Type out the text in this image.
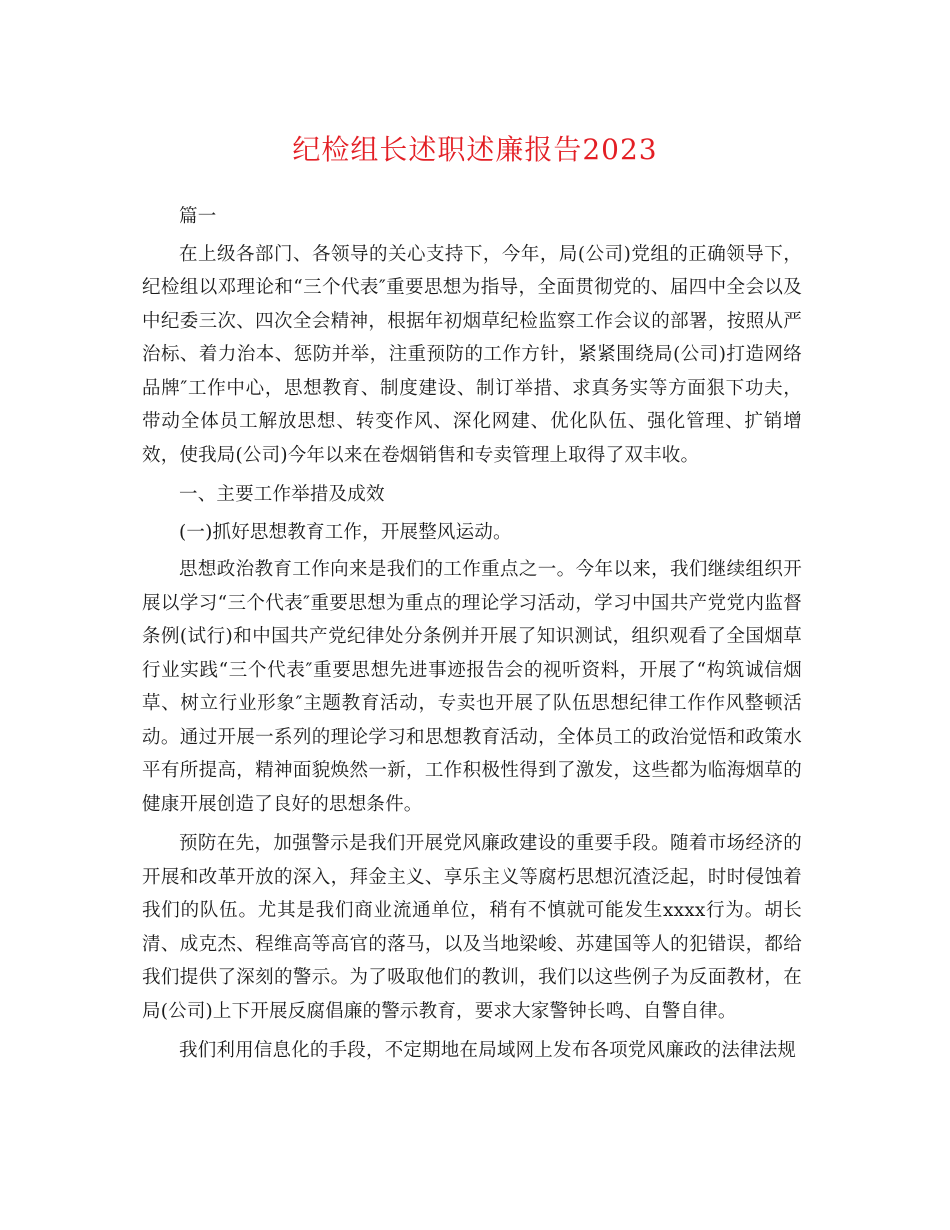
纪检组长述职述廉报告2023

篇一

在上级各部门、各领导的关心支持下，今年，局(公司)党组的正确领导下，纪检组以邓理论和“三个代表″重要思想为指导，全面贯彻党的、届四中全会以及中纪委三次、四次全会精神，根据年初烟草纪检监察工作会议的部署，按照从严治标、着力治本、惩防并举，注重预防的工作方针，紧紧围绕局(公司)打造网络品牌″工作中心，思想教育、制度建设、制订举措、求真务实等方面狠下功夫，带动全体员工解放思想、转变作风、深化网建、优化队伍、强化管理、扩销增效，使我局(公司)今年以来在卷烟销售和专卖管理上取得了双丰收。

一、主要工作举措及成效

(一)抓好思想教育工作，开展整风运动。

思想政治教育工作向来是我们的工作重点之一。今年以来，我们继续组织开展以学习“三个代表″重要思想为重点的理论学习活动，学习中国共产党党内监督条例(试行)和中国共产党纪律处分条例并开展了知识测试，组织观看了全国烟草行业实践“三个代表″重要思想先进事迹报告会的视听资料，开展了“构筑诚信烟草、树立行业形象″主题教育活动，专卖也开展了队伍思想纪律工作作风整顿活动。通过开展一系列的理论学习和思想教育活动，全体员工的政治觉悟和政策水平有所提高，精神面貌焕然一新，工作积极性得到了激发，这些都为临海烟草的健康开展创造了良好的思想条件。

预防在先，加强警示是我们开展党风廉政建设的重要手段。随着市场经济的开展和改革开放的深入，拜金主义、享乐主义等腐朽思想沉渣泛起，时时侵蚀着我们的队伍。尤其是我们商业流通单位，稍有不慎就可能发生xxxx行为。胡长清、成克杰、程维高等高官的落马，以及当地梁峻、苏建国等人的犯错误，都给我们提供了深刻的警示。为了吸取他们的教训，我们以这些例子为反面教材，在局(公司)上下开展反腐倡廉的警示教育，要求大家警钟长鸣、自警自律。

我们利用信息化的手段，不定期地在局域网上发布各项党风廉政的法律法规
